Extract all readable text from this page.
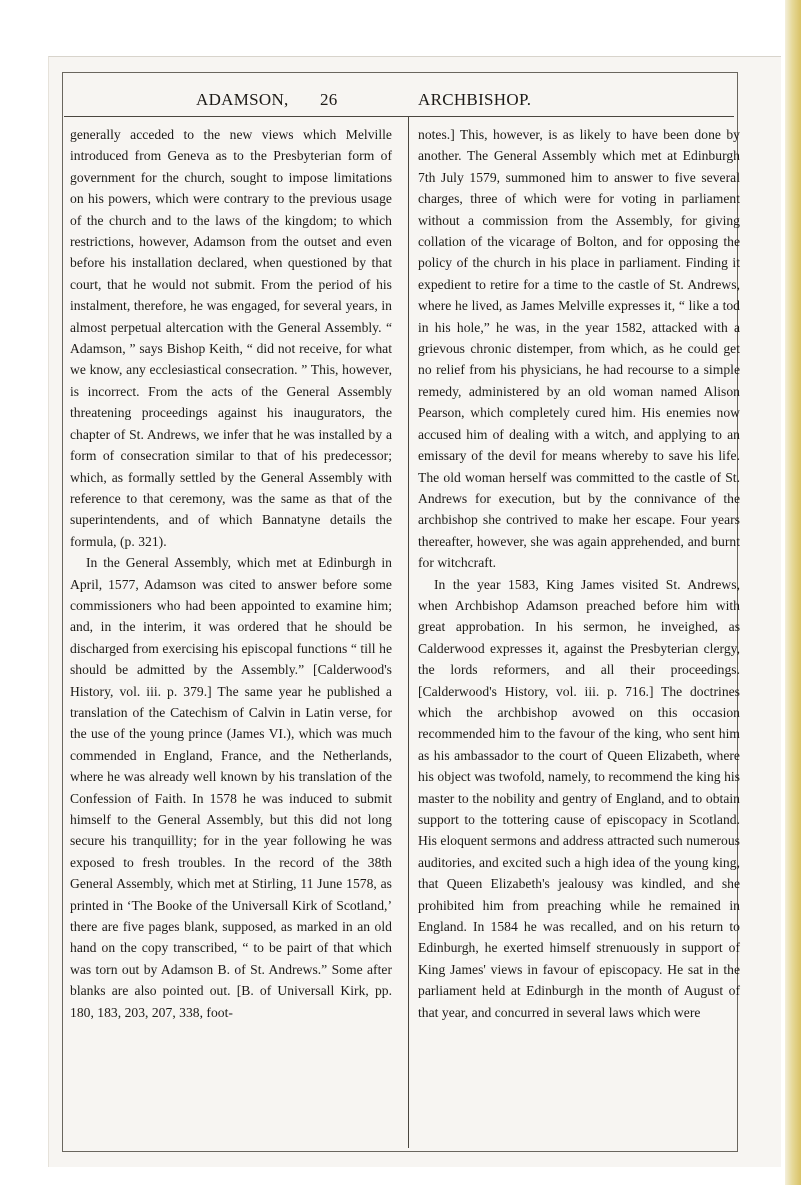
ADAMSON, 26	ARCHBISHOP.

generally acceded to the new views which Melville introduced from Geneva as to the Presbyterian form of government for the church, sought to impose limitations on his powers, which were contrary to the previous usage of the church and to the laws of the kingdom; to which restrictions, however, Adamson from the outset and even before his installation declared, when questioned by that court, that he would not submit. From the period of his instalment, therefore, he was engaged, for several years, in almost perpetual altercation with the General Assembly. “ Adamson, ” says Bishop Keith, “ did not receive, for what we know, any ecclesiastical consecration. ” This, however, is incorrect. From the acts of the General Assembly threatening proceedings against his inaugurators, the chapter of St. Andrews, we infer that he was installed by a form of consecration similar to that of his predecessor; which, as formally settled by the General Assembly with reference to that ceremony, was the same as that of the superintendents, and of which Bannatyne details the formula, (p. 321).

In the General Assembly, which met at Edinburgh in April, 1577, Adamson was cited to answer before some commissioners who had been appointed to examine him; and, in the interim, it was ordered that he should be discharged from exercising his episcopal functions “ till he should be admitted by the Assembly.” [Calderwood's History, vol. iii. p. 379.] The same year he published a translation of the Catechism of Calvin in Latin verse, for the use of the young prince (James VI.), which was much commended in England, France, and the Netherlands, where he was already well known by his translation of the Confession of Faith. In 1578 he was induced to submit himself to the General Assembly, but this did not long secure his tranquillity; for in the year following he was exposed to fresh troubles. In the record of the 38th General Assembly, which met at Stirling, 11 June 1578, as printed in ‘The Booke of the Universall Kirk of Scotland,’ there are five pages blank, supposed, as marked in an old hand on the copy transcribed, “ to be pairt of that which was torn out by Adamson B. of St. Andrews.” Some after blanks are also pointed out. [B. of Universall Kirk, pp. 180, 183, 203, 207, 338, foot-

notes.] This, however, is as likely to have been done by another. The General Assembly which met at Edinburgh 7th July 1579, summoned him to answer to five several charges, three of which were for voting in parliament without a commission from the Assembly, for giving collation of the vicarage of Bolton, and for opposing the policy of the church in his place in parliament. Finding it expedient to retire for a time to the castle of St. Andrews, where he lived, as James Melville expresses it, “ like a tod in his hole,” he was, in the year 1582, attacked with a grievous chronic distemper, from which, as he could get no relief from his physicians, he had recourse to a simple remedy, administered by an old woman named Alison Pearson, which completely cured him. His enemies now accused him of dealing with a witch, and applying to an emissary of the devil for means whereby to save his life. The old woman herself was committed to the castle of St. Andrews for execution, but by the connivance of the archbishop she contrived to make her escape. Four years thereafter, however, she was again apprehended, and burnt for witchcraft.

In the year 1583, King James visited St. Andrews, when Archbishop Adamson preached before him with great approbation. In his sermon, he inveighed, as Calderwood expresses it, against the Presbyterian clergy, the lords reformers, and all their proceedings. [Calderwood's History, vol. iii. p. 716.] The doctrines which the archbishop avowed on this occasion recommended him to the favour of the king, who sent him as his ambassador to the court of Queen Elizabeth, where his object was twofold, namely, to recommend the king his master to the nobility and gentry of England, and to obtain support to the tottering cause of episcopacy in Scotland. His eloquent sermons and address attracted such numerous auditories, and excited such a high idea of the young king, that Queen Elizabeth's jealousy was kindled, and she prohibited him from preaching while he remained in England. In 1584 he was recalled, and on his return to Edinburgh, he exerted himself strenuously in support of King James' views in favour of episcopacy. He sat in the parliament held at Edinburgh in the month of August of that year, and concurred in several laws which were
